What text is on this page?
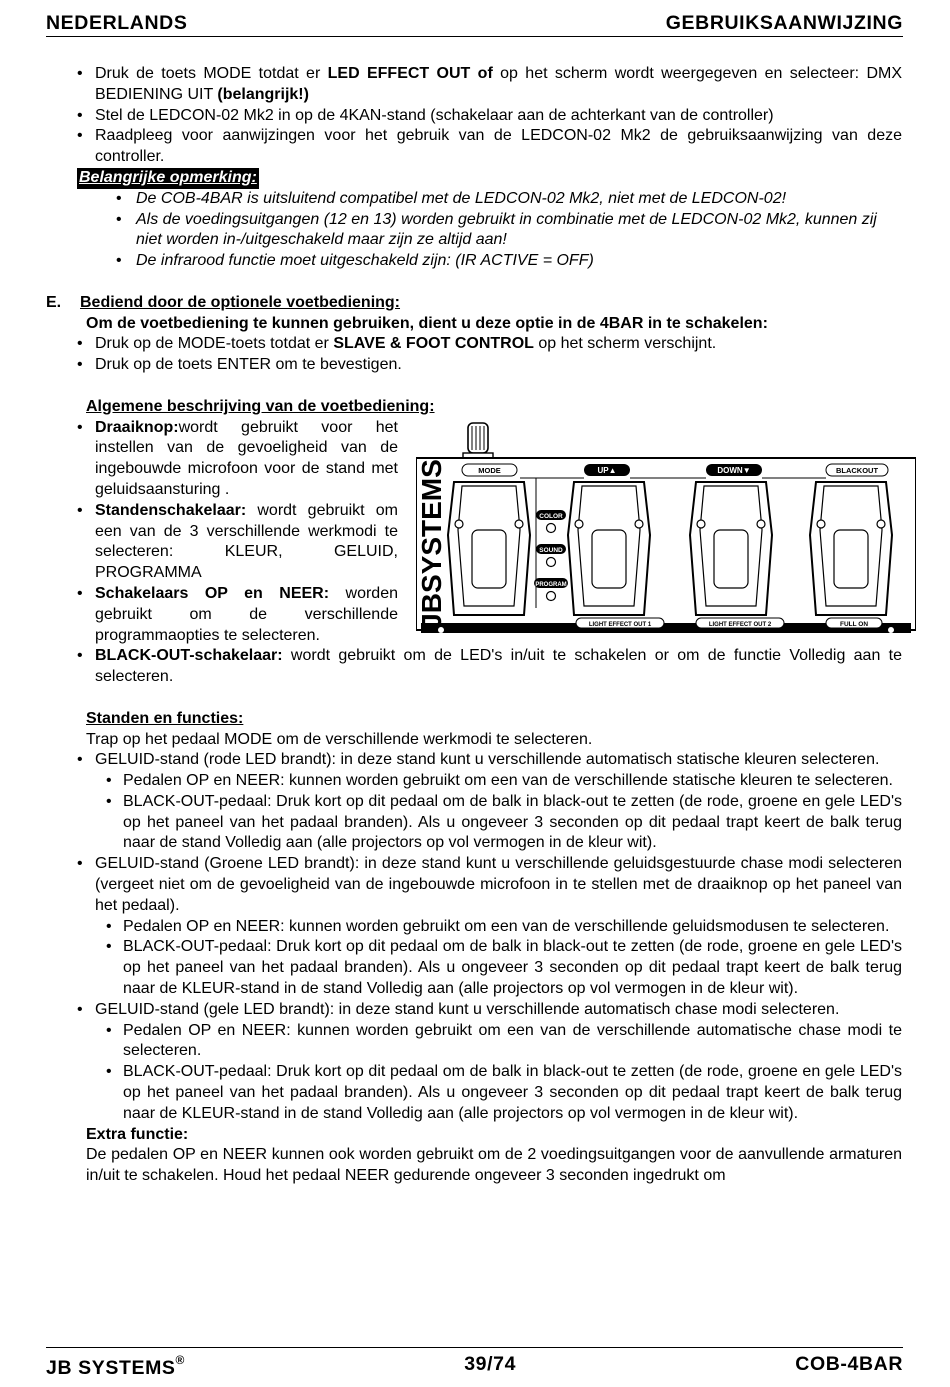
NEDERLANDS	GEBRUIKSAANWIJZING

• Druk de toets MODE totdat er LED EFFECT OUT of op het scherm wordt weergegeven en selecteer: DMX BEDIENING UIT (belangrijk!)

• Stel de LEDCON-02 Mk2 in op de 4KAN-stand (schakelaar aan de achterkant van de controller)

• Raadpleeg voor aanwijzingen voor het gebruik van de LEDCON-02 Mk2 de gebruiksaanwijzing van deze controller.

Belangrijke opmerking:

• De COB-4BAR is uitsluitend compatibel met de LEDCON-02 Mk2, niet met de LEDCON-02!

• Als de voedingsuitgangen (12 en 13) worden gebruikt in combinatie met de LEDCON-02 Mk2, kunnen zij niet worden in-/uitgeschakeld maar zijn ze altijd aan!

• De infrarood functie moet uitgeschakeld zijn: (IR ACTIVE = OFF)

E. Bediend door de optionele voetbediening:

Om de voetbediening te kunnen gebruiken, dient u deze optie in de 4BAR in te schakelen:

• Druk op de MODE-toets totdat er SLAVE & FOOT CONTROL op het scherm verschijnt.

• Druk op de toets ENTER om te bevestigen.

Algemene beschrijving van de voetbediening:

• Draaiknop:wordt gebruikt voor het instellen van de gevoeligheid van de ingebouwde microfoon voor de stand met geluidsaansturing .

• Standenschakelaar: wordt gebruikt om een van de 3 verschillende werkmodi te selecteren: KLEUR, GELUID, PROGRAMMA

• Schakelaars OP en NEER: worden gebruikt om de verschillende programmaopties te selecteren.

• BLACK-OUT-schakelaar: wordt gebruikt om de LED's in/uit te schakelen or om de functie Volledig aan te selecteren.

Standen en functies:

Trap op het pedaal MODE om de verschillende werkmodi te selecteren.

• GELUID-stand (rode LED brandt): in deze stand kunt u verschillende automatisch statische kleuren selecteren.

• Pedalen OP en NEER: kunnen worden gebruikt om een van de verschillende statische kleuren te selecteren.

• BLACK-OUT-pedaal: Druk kort op dit pedaal om de balk in black-out te zetten (de rode, groene en gele LED's op het paneel van het padaal branden). Als u ongeveer 3 seconden op dit pedaal trapt keert de balk terug naar de stand Volledig aan (alle projectors op vol vermogen in de kleur wit).

• GELUID-stand (Groene LED brandt): in deze stand kunt u verschillende geluidsgestuurde chase modi selecteren (vergeet niet om de gevoeligheid van de ingebouwde microfoon in te stellen met de draaiknop op het paneel van het pedaal).

• Pedalen OP en NEER: kunnen worden gebruikt om een van de verschillende geluidsmodusen te selecteren.

• BLACK-OUT-pedaal: Druk kort op dit pedaal om de balk in black-out te zetten (de rode, groene en gele LED's op het paneel van het padaal branden). Als u ongeveer 3 seconden op dit pedaal trapt keert de balk terug naar de KLEUR-stand in de stand Volledig aan (alle projectors op vol vermogen in de kleur wit).

• GELUID-stand (gele LED brandt): in deze stand kunt u verschillende automatisch chase modi selecteren.

• Pedalen OP en NEER: kunnen worden gebruikt om een van de verschillende automatische chase modi te selecteren.

• BLACK-OUT-pedaal: Druk kort op dit pedaal om de balk in black-out te zetten (de rode, groene en gele LED's op het paneel van het padaal branden). Als u ongeveer 3 seconden op dit pedaal trapt keert de balk terug naar de KLEUR-stand in de stand Volledig aan (alle projectors op vol vermogen in de kleur wit).

Extra functie:

De pedalen OP en NEER kunnen ook worden gebruikt om de 2 voedingsuitgangen voor de aanvullende armaturen in/uit te schakelen. Houd het pedaal NEER gedurende ongeveer 3 seconden ingedrukt om

JBSYSTEMS	MODE	UP▲	DOWN▼	BLACKOUT
COLOR
SOUND
PROGRAM
LIGHT EFFECT OUT 1	LIGHT EFFECT OUT 2	FULL ON
JB SYSTEMS®	39/74	COB-4BAR
